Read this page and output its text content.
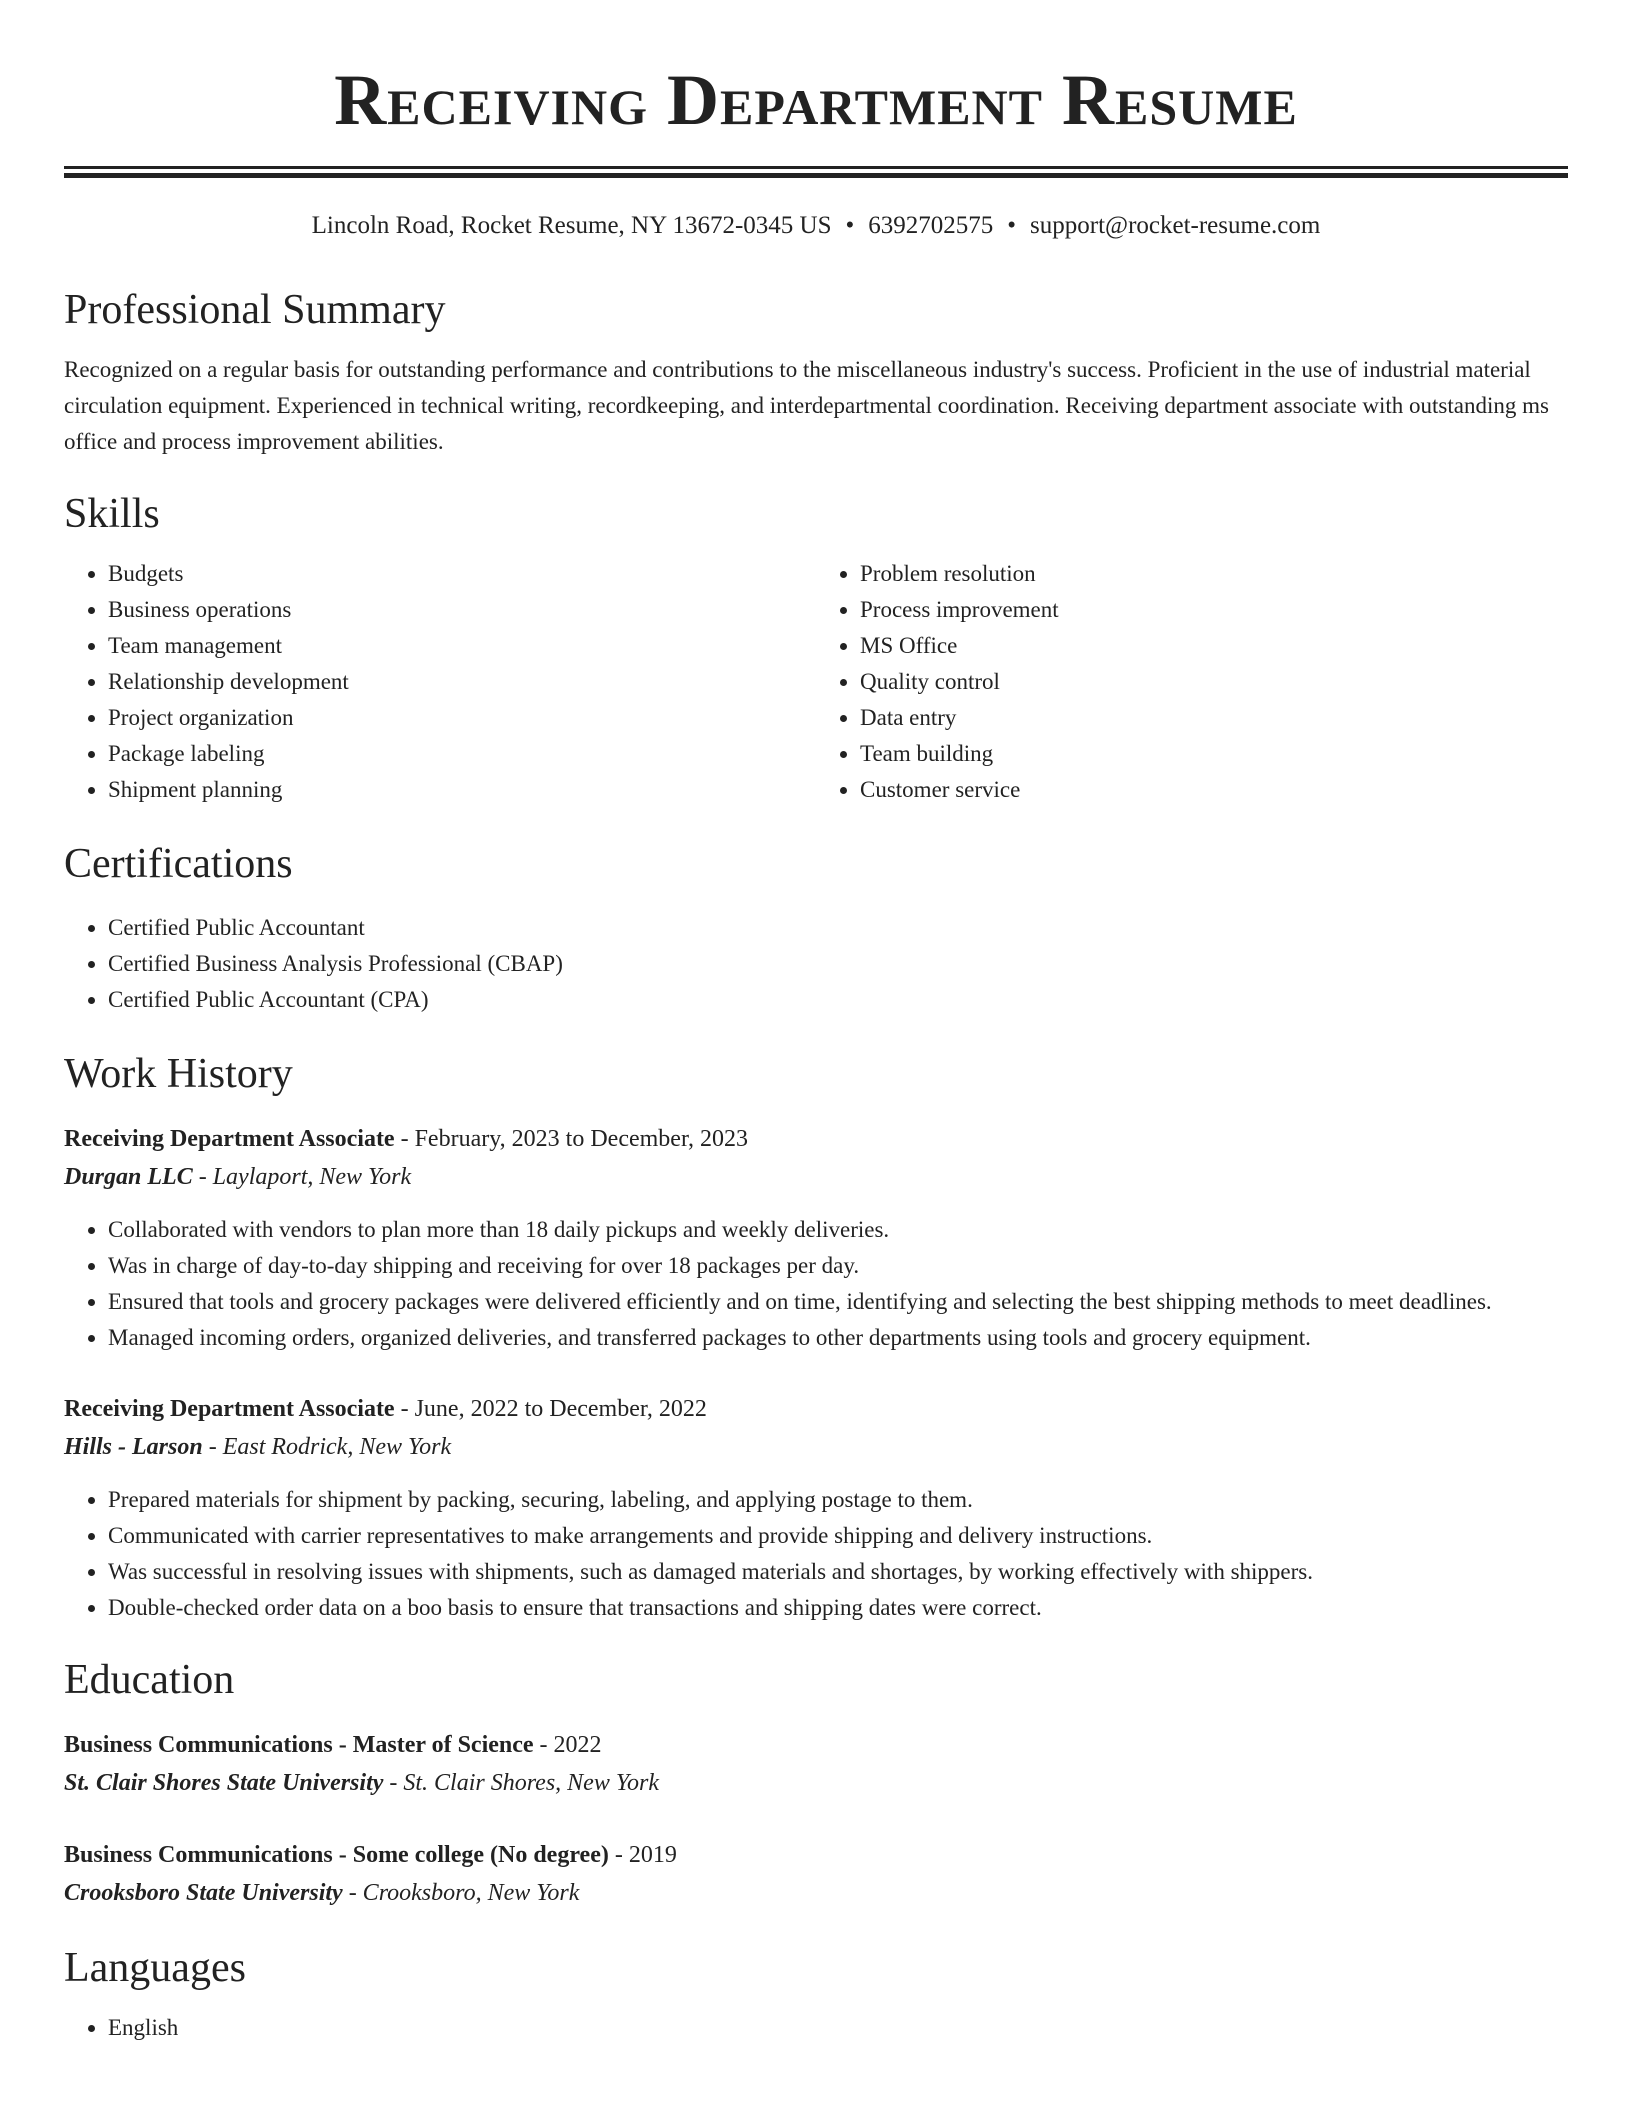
Receiving Department Resume
Lincoln Road, Rocket Resume, NY 13672-0345 US • 6392702575 • support@rocket-resume.com
Professional Summary
Recognized on a regular basis for outstanding performance and contributions to the miscellaneous industry's success. Proficient in the use of industrial material circulation equipment. Experienced in technical writing, recordkeeping, and interdepartmental coordination. Receiving department associate with outstanding ms office and process improvement abilities.
Skills
• Budgets
• Business operations
• Team management
• Relationship development
• Project organization
• Package labeling
• Shipment planning
• Problem resolution
• Process improvement
• MS Office
• Quality control
• Data entry
• Team building
• Customer service
Certifications
• Certified Public Accountant
• Certified Business Analysis Professional (CBAP)
• Certified Public Accountant (CPA)
Work History
Receiving Department Associate - February, 2023 to December, 2023
Durgan LLC - Laylaport, New York
• Collaborated with vendors to plan more than 18 daily pickups and weekly deliveries.
• Was in charge of day-to-day shipping and receiving for over 18 packages per day.
• Ensured that tools and grocery packages were delivered efficiently and on time, identifying and selecting the best shipping methods to meet deadlines.
• Managed incoming orders, organized deliveries, and transferred packages to other departments using tools and grocery equipment.
Receiving Department Associate - June, 2022 to December, 2022
Hills - Larson - East Rodrick, New York
• Prepared materials for shipment by packing, securing, labeling, and applying postage to them.
• Communicated with carrier representatives to make arrangements and provide shipping and delivery instructions.
• Was successful in resolving issues with shipments, such as damaged materials and shortages, by working effectively with shippers.
• Double-checked order data on a boo basis to ensure that transactions and shipping dates were correct.
Education
Business Communications - Master of Science - 2022
St. Clair Shores State University - St. Clair Shores, New York
Business Communications - Some college (No degree) - 2019
Crooksboro State University - Crooksboro, New York
Languages
• English
